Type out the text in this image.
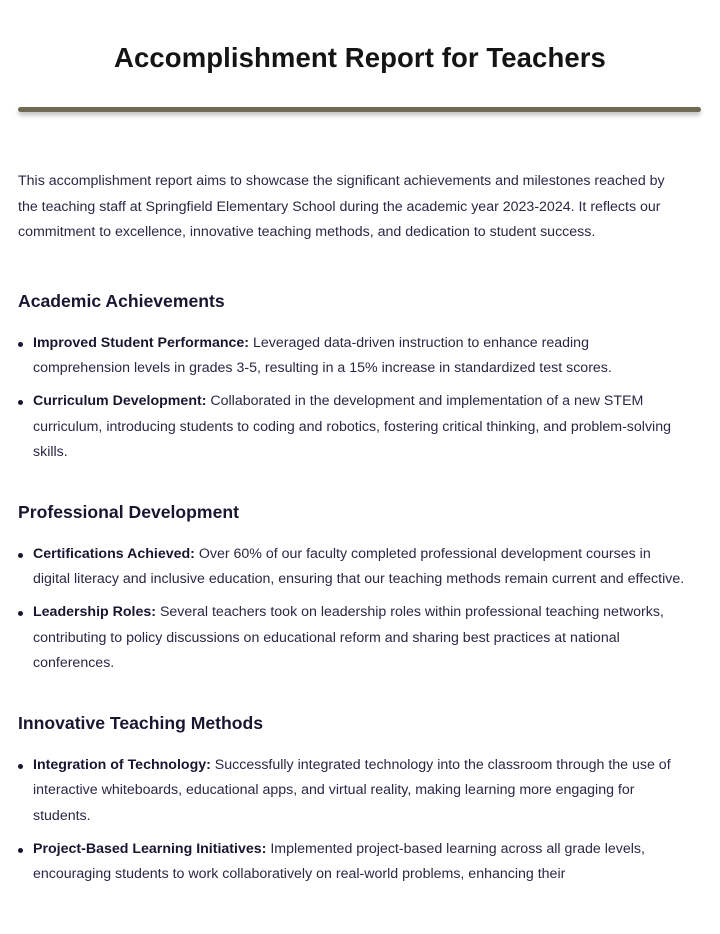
Accomplishment Report for Teachers

This accomplishment report aims to showcase the significant achievements and milestones reached by the teaching staff at Springfield Elementary School during the academic year 2023-2024. It reflects our commitment to excellence, innovative teaching methods, and dedication to student success.

Academic Achievements
Improved Student Performance: Leveraged data-driven instruction to enhance reading comprehension levels in grades 3-5, resulting in a 15% increase in standardized test scores.
Curriculum Development: Collaborated in the development and implementation of a new STEM curriculum, introducing students to coding and robotics, fostering critical thinking, and problem-solving skills.
Professional Development
Certifications Achieved: Over 60% of our faculty completed professional development courses in digital literacy and inclusive education, ensuring that our teaching methods remain current and effective.
Leadership Roles: Several teachers took on leadership roles within professional teaching networks, contributing to policy discussions on educational reform and sharing best practices at national conferences.
Innovative Teaching Methods
Integration of Technology: Successfully integrated technology into the classroom through the use of interactive whiteboards, educational apps, and virtual reality, making learning more engaging for students.
Project-Based Learning Initiatives: Implemented project-based learning across all grade levels, encouraging students to work collaboratively on real-world problems, enhancing their
